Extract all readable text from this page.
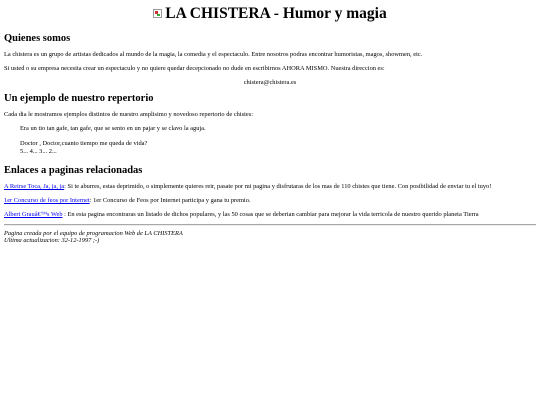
LA CHISTERA - Humor y magia
Quienes somos

La chistera es un grupo de artistas dedicados al mundo de la magia, la comedia y el espectaculo. Entre nosotros podras encontrar humoristas, magos, showmen, etc.

Si usted o su empresa necesita crear un espectaculo y no quiere quedar decepcionado no dude en escribirnos AHORA MISMO. Nuestra direccion es:

chistera@chistera.es

Un ejemplo de nuestro repertorio

Cada dia le mostramos ejemplos distintos de nuestro amplisimo y novedoso repertorio de chistes:

Era un tio tan gafe, tan gafe, que se sento en un pajar y se clavo la aguja.

Doctor , Doctor,cuanto tiempo me queda de vida?

5... 4... 3... 2...

Enlaces a paginas relacionadas

A Reirse Toca, Ja, ja, ja: Si te aburres, estas deprimido, o simplemente quieres reir, pasate por mi pagina y disfrutaras de los mas de 110 chistes que tiene. Con posibilidad de enviar tu el tuyo!

1er Concurso de feos por Internet: 1er Concurso de Feos por Internet participa y gana tu premio.

Albert Grauâ€™s Web : En esta pagina encontraras un listado de dichos populares, y las 50 cosas que se deberian cambiar para mejorar la vida terricola de nuestro querido planeta Tierra

Pagina creada por el equipo de programacion Web de LA CHISTERA
Ultima actualizacion: 32-12-1997 ;-)
